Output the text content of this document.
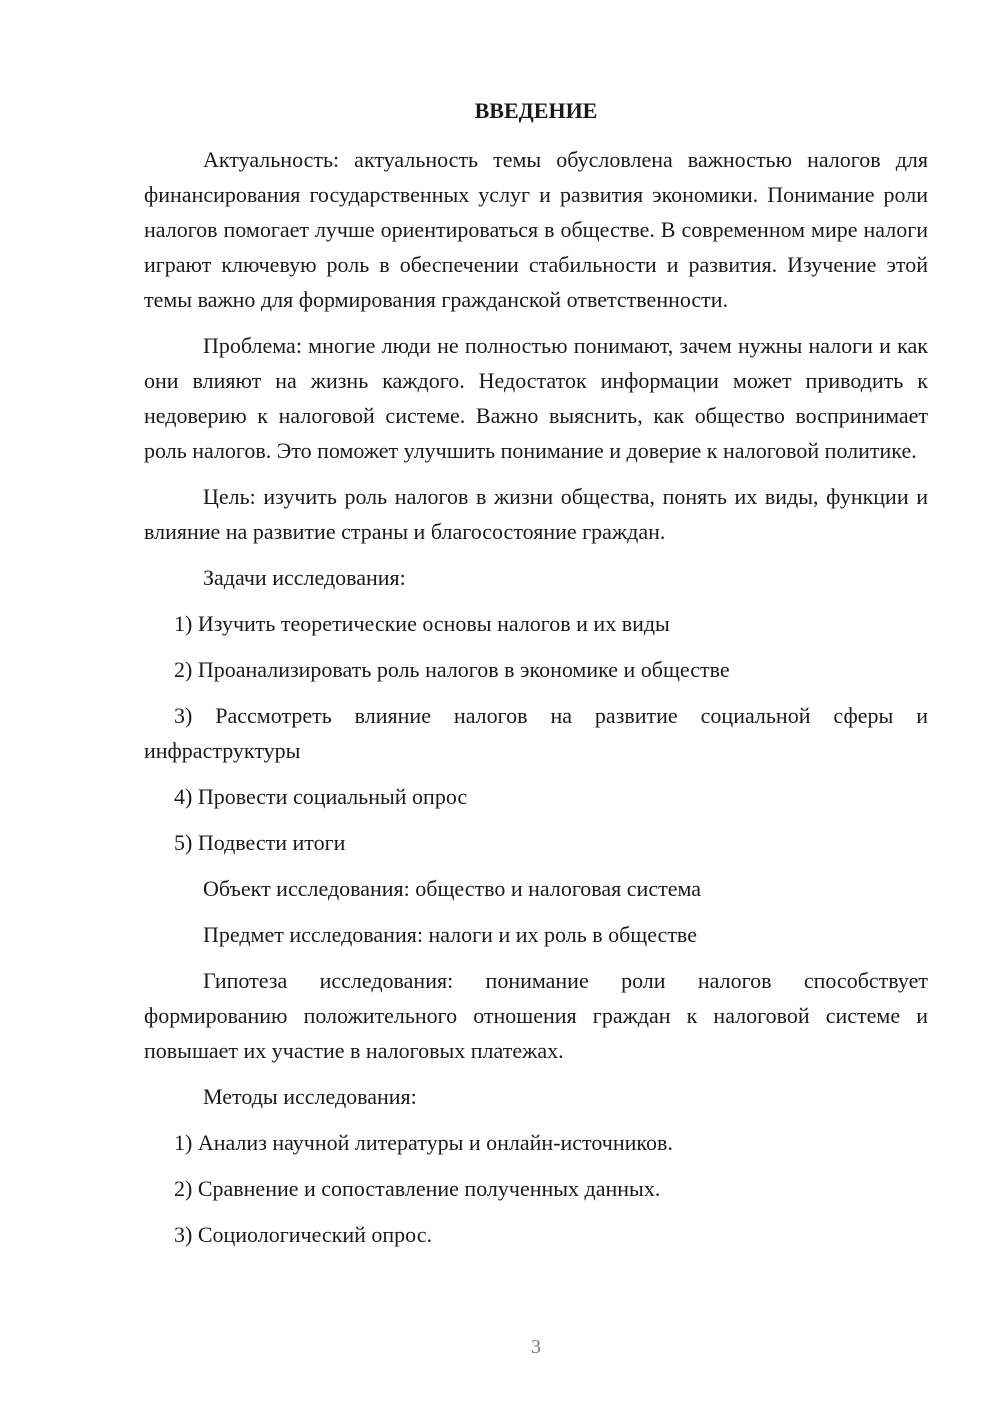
ВВЕДЕНИЕ

Актуальность: актуальность темы обусловлена важностью налогов для финансирования государственных услуг и развития экономики. Понимание роли налогов помогает лучше ориентироваться в обществе. В современном мире налоги играют ключевую роль в обеспечении стабильности и развития. Изучение этой темы важно для формирования гражданской ответственности.

Проблема: многие люди не полностью понимают, зачем нужны налоги и как они влияют на жизнь каждого. Недостаток информации может приводить к недоверию к налоговой системе. Важно выяснить, как общество воспринимает роль налогов. Это поможет улучшить понимание и доверие к налоговой политике.

Цель: изучить роль налогов в жизни общества, понять их виды, функции и влияние на развитие страны и благосостояние граждан.

Задачи исследования:

1) Изучить теоретические основы налогов и их виды

2) Проанализировать роль налогов в экономике и обществе

3) Рассмотреть влияние налогов на развитие социальной сферы и инфраструктуры

4) Провести социальный опрос

5) Подвести итоги

Объект исследования: общество и налоговая система

Предмет исследования: налоги и их роль в обществе

Гипотеза исследования: понимание роли налогов способствует формированию положительного отношения граждан к налоговой системе и повышает их участие в налоговых платежах.

Методы исследования:

1) Анализ научной литературы и онлайн-источников.

2) Сравнение и сопоставление полученных данных.

3) Социологический опрос.

3
